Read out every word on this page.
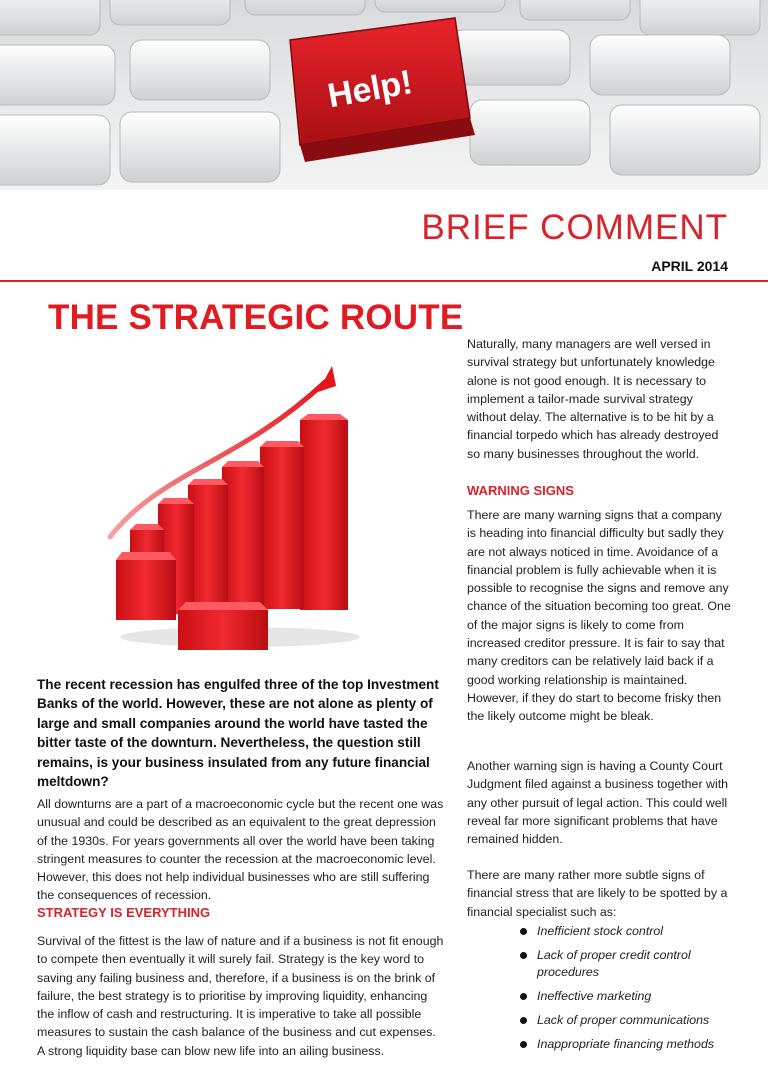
Help!
BRIEF COMMENT
APRIL 2014
THE STRATEGIC ROUTE

The recent recession has engulfed three of the top Investment Banks of the world. However, these are not alone as plenty of large and small companies around the world have tasted the bitter taste of the downturn. Nevertheless, the question still remains, is your business insulated from any future financial meltdown?

All downturns are a part of a macroeconomic cycle but the recent one was unusual and could be described as an equivalent to the great depression of the 1930s. For years governments all over the world have been taking stringent measures to counter the recession at the macroeconomic level. However, this does not help individual businesses who are still suffering the consequences of recession.

STRATEGY IS EVERYTHING

Survival of the fittest is the law of nature and if a business is not fit enough to compete then eventually it will surely fail. Strategy is the key word to saving any failing business and, therefore, if a business is on the brink of failure, the best strategy is to prioritise by improving liquidity, enhancing the inflow of cash and restructuring. It is imperative to take all possible measures to sustain the cash balance of the business and cut expenses. A strong liquidity base can blow new life into an ailing business.

Naturally, many managers are well versed in survival strategy but unfortunately knowledge alone is not good enough. It is necessary to implement a tailor-made survival strategy without delay. The alternative is to be hit by a financial torpedo which has already destroyed so many businesses throughout the world.

WARNING SIGNS

There are many warning signs that a company is heading into financial difficulty but sadly they are not always noticed in time. Avoidance of a financial problem is fully achievable when it is possible to recognise the signs and remove any chance of the situation becoming too great. One of the major signs is likely to come from increased creditor pressure. It is fair to say that many creditors can be relatively laid back if a good working relationship is maintained. However, if they do start to become frisky then the likely outcome might be bleak.

Another warning sign is having a County Court Judgment filed against a business together with any other pursuit of legal action. This could well reveal far more significant problems that have remained hidden.

There are many rather more subtle signs of financial stress that are likely to be spotted by a financial specialist such as:

Inefficient stock control
Lack of proper credit control procedures
Ineffective marketing
Lack of proper communications
Inappropriate financing methods
